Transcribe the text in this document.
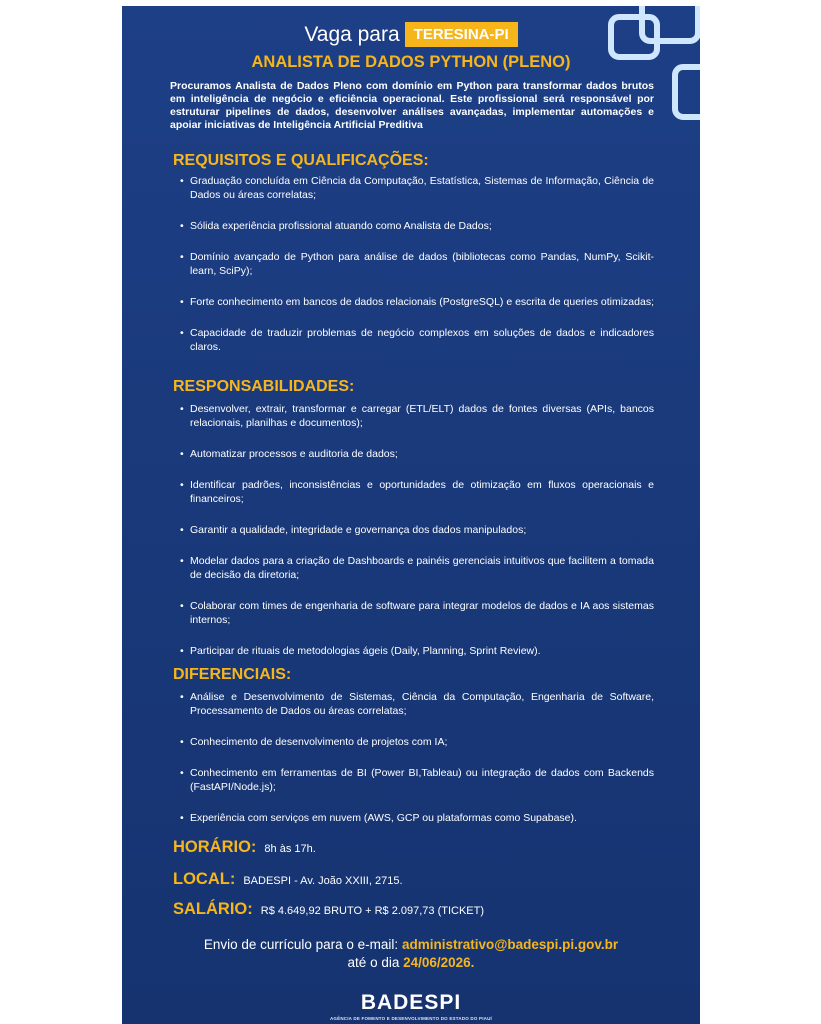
Vaga para TERESINA-PI
ANALISTA DE DADOS PYTHON (PLENO)
Procuramos Analista de Dados Pleno com domínio em Python para transformar dados brutos em inteligência de negócio e eficiência operacional. Este profissional será responsável por estruturar pipelines de dados, desenvolver análises avançadas, implementar automações e apoiar iniciativas de Inteligência Artificial Preditiva
REQUISITOS E QUALIFICAÇÕES:
• Graduação concluída em Ciência da Computação, Estatística, Sistemas de Informação, Ciência de Dados ou áreas correlatas;
• Sólida experiência profissional atuando como Analista de Dados;
• Domínio avançado de Python para análise de dados (bibliotecas como Pandas, NumPy, Scikit-learn, SciPy);
• Forte conhecimento em bancos de dados relacionais (PostgreSQL) e escrita de queries otimizadas;
• Capacidade de traduzir problemas de negócio complexos em soluções de dados e indicadores claros.
RESPONSABILIDADES:
• Desenvolver, extrair, transformar e carregar (ETL/ELT) dados de fontes diversas (APIs, bancos relacionais, planilhas e documentos);
• Automatizar processos e auditoria de dados;
• Identificar padrões, inconsistências e oportunidades de otimização em fluxos operacionais e financeiros;
• Garantir a qualidade, integridade e governança dos dados manipulados;
• Modelar dados para a criação de Dashboards e painéis gerenciais intuitivos que facilitem a tomada de decisão da diretoria;
• Colaborar com times de engenharia de software para integrar modelos de dados e IA aos sistemas internos;
• Participar de rituais de metodologias ágeis (Daily, Planning, Sprint Review).
DIFERENCIAIS:
• Análise e Desenvolvimento de Sistemas, Ciência da Computação, Engenharia de Software, Processamento de Dados ou áreas correlatas;
• Conhecimento de desenvolvimento de projetos com IA;
• Conhecimento em ferramentas de BI (Power BI,Tableau) ou integração de dados com Backends (FastAPI/Node.js);
• Experiência com serviços em nuvem (AWS, GCP ou plataformas como Supabase).
HORÁRIO: 8h às 17h.
LOCAL: BADESPI - Av. João XXIII, 2715.
SALÁRIO: R$ 4.649,92 BRUTO + R$ 2.097,73 (TICKET)
Envio de currículo para o e-mail: administrativo@badespi.pi.gov.br
até o dia 24/06/2026.
BADESPI
AGÊNCIA DE FOMENTO E DESENVOLVIMENTO DO ESTADO DO PIAUÍ
